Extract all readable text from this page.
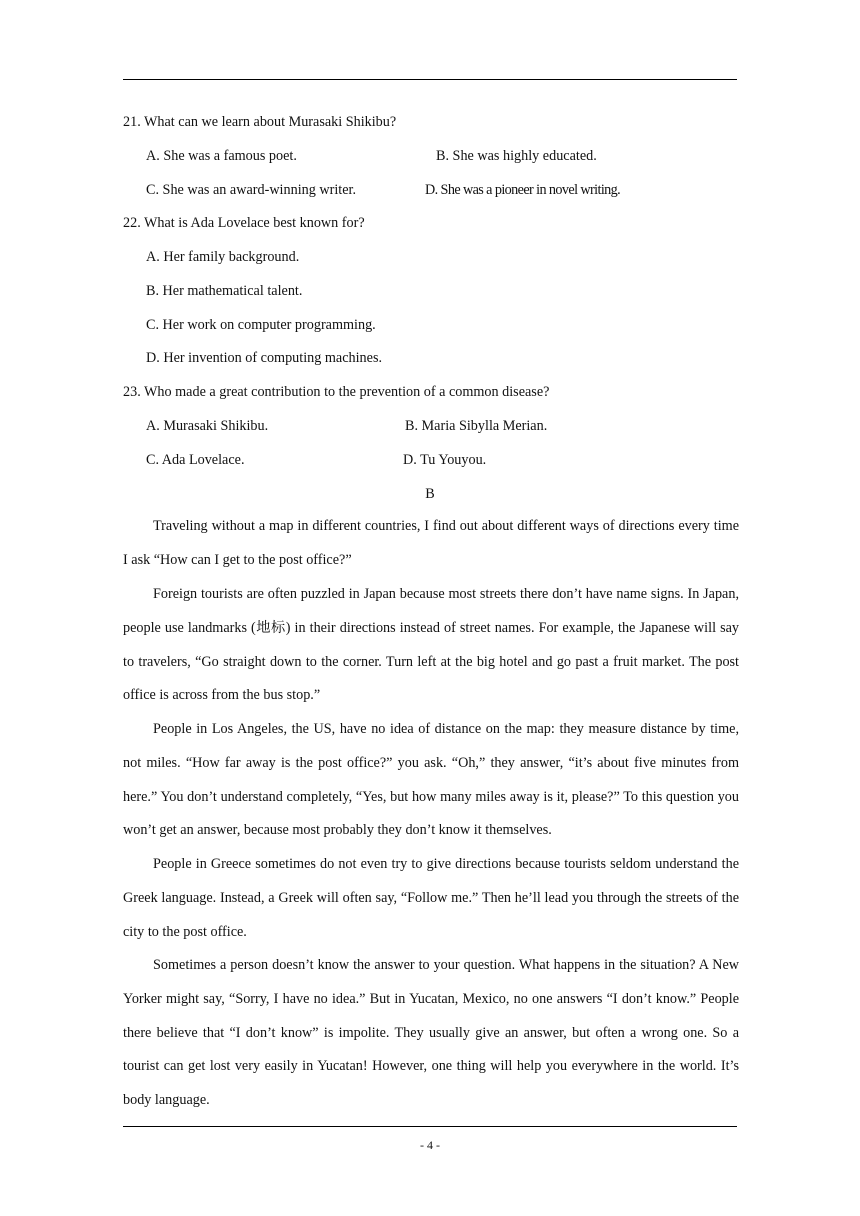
21. What can we learn about Murasaki Shikibu?
A. She was a famous poet.	B. She was highly educated.
C. She was an award-winning writer.	D. She was a pioneer in novel writing.
22. What is Ada Lovelace best known for?
A. Her family background.
B. Her mathematical talent.
C. Her work on computer programming.
D. Her invention of computing machines.
23. Who made a great contribution to the prevention of a common disease?
A. Murasaki Shikibu.	B. Maria Sibylla Merian.
C. Ada Lovelace.	D. Tu Youyou.
B
Traveling without a map in different countries, I find out about different ways of directions every time I ask “How can I get to the post office?”
Foreign tourists are often puzzled in Japan because most streets there don’t have name signs. In Japan, people use landmarks (地标) in their directions instead of street names. For example, the Japanese will say to travelers, “Go straight down to the corner. Turn left at the big hotel and go past a fruit market. The post office is across from the bus stop.”
People in Los Angeles, the US, have no idea of distance on the map: they measure distance by time, not miles. “How far away is the post office?” you ask. “Oh,” they answer, “it’s about five minutes from here.” You don’t understand completely, “Yes, but how many miles away is it, please?” To this question you won’t get an answer, because most probably they don’t know it themselves.
People in Greece sometimes do not even try to give directions because tourists seldom understand the Greek language. Instead, a Greek will often say, “Follow me.” Then he’ll lead you through the streets of the city to the post office.
Sometimes a person doesn’t know the answer to your question. What happens in the situation? A New Yorker might say, “Sorry, I have no idea.” But in Yucatan, Mexico, no one answers “I don’t know.” People there believe that “I don’t know” is impolite. They usually give an answer, but often a wrong one. So a tourist can get lost very easily in Yucatan! However, one thing will help you everywhere in the world. It’s body language.
- 4 -
